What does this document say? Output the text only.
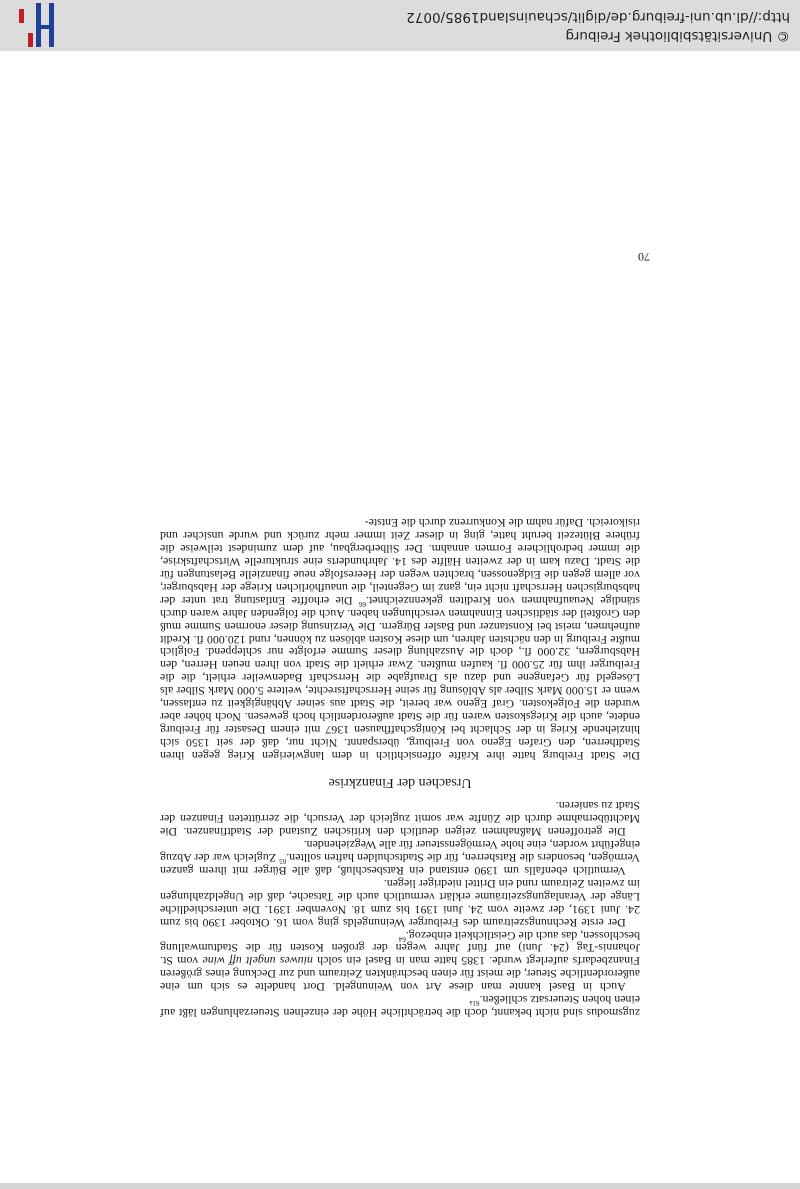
zugsmodus sind nicht bekannt, doch die beträchtliche Höhe der einzelnen Steuerzahlungen läßt auf einen hohen Steuersatz schließen.$^{61a}$

Auch in Basel kannte man diese Art von Weinungeld. Dort handelte es sich um eine außerordentliche Steuer, die meist für einen beschränkten Zeitraum und zur Deckung eines größeren Finanzbedarfs auferlegt wurde. 1385 hatte man in Basel ein solch niuwes ungelt uff wine vom St. Johannis-Tag (24. Juni) auf fünf Jahre wegen der großen Kosten für die Stadtumwallung beschlossen, das auch die Geistlichkeit einbezog.$^{64}$

Der erste Rechnungszeitraum des Freiburger Weinungelds ging vom 16. Oktober 1390 bis zum 24. Juni 1391, der zweite vom 24. Juni 1391 bis zum 18. November 1391. Die unterschiedliche Länge der Veranlagungszeiträume erklärt vermutlich auch die Tatsache, daß die Ungeldzahlungen im zweiten Zeitraum rund ein Drittel niedriger liegen.

Vermutlich ebenfalls um 1390 entstand ein Ratsbeschluß, daß alle Bürger mit ihrem ganzen Vermögen, besonders die Ratsherren, für die Stadtschulden haften sollten.$^{65}$ Zugleich war der Abzug eingeführt worden, eine hohe Vermögenssteuer für alle Wegziehenden.

Die getroffenen Maßnahmen zeigen deutlich den kritischen Zustand der Stadtfinanzen. Die Machtübernahme durch die Zünfte war somit zugleich der Versuch, die zerrütteten Finanzen der Stadt zu sanieren.

Ursachen der Finanzkrise

Die Stadt Freiburg hatte ihre Kräfte offensichtlich in dem langwierigen Krieg gegen ihren Stadtherren, den Grafen Egeno von Freiburg, überspannt. Nicht nur, daß der seit 1350 sich hinziehende Krieg in der Schlacht bei Königschaffhausen 1367 mit einem Desaster für Freiburg endete, auch die Kriegskosten waren für die Stadt außerordentlich hoch gewesen. Noch höher aber wurden die Folgekosten. Graf Egeno war bereit, die Stadt aus seiner Abhängigkeit zu entlassen, wenn er 15.000 Mark Silber als Ablösung für seine Herrschaftsrechte, weitere 5.000 Mark Silber als Lösegeld für Gefangene und dazu als Draufgabe die Herrschaft Badenweiler erhielt, die die Freiburger ihm für 25.000 fl. kaufen mußten. Zwar erhielt die Stadt von ihren neuen Herren, den Habsburgern, 32.000 fl., doch die Auszahlung dieser Summe erfolgte nur schleppend. Folglich mußte Freiburg in den nächsten Jahren, um diese Kosten ablösen zu können, rund 120.000 fl. Kredit aufnehmen, meist bei Konstanzer und Basler Bürgern. Die Verzinsung dieser enormen Summe muß den Großteil der städtischen Einnahmen verschlungen haben. Auch die folgenden Jahre waren durch ständige Neuaufnahmen von Krediten gekennzeichnet.$^{66}$ Die erhoffte Entlastung trat unter der habsburgischen Herrschaft nicht ein, ganz im Gegenteil, die unaufhörlichen Kriege der Habsburger, vor allem gegen die Eidgenossen, brachten wegen der Heeresfolge neue finanzielle Belastungen für die Stadt. Dazu kam in der zweiten Hälfte des 14. Jahrhunderts eine strukturelle Wirtschaftskrise, die immer bedrohlichere Formen annahm. Der Silberbergbau, auf dem zumindest teilweise die frühere Blütezeit beruht hatte, ging in dieser Zeit immer mehr zurück und wurde unsicher und risikoreich. Dafür nahm die Konkurrenz durch die Entste-

70
© Universitätsbibliothek Freiburg
http://dl.ub.uni-freiburg.de/diglit/schauinsland1985/0072
